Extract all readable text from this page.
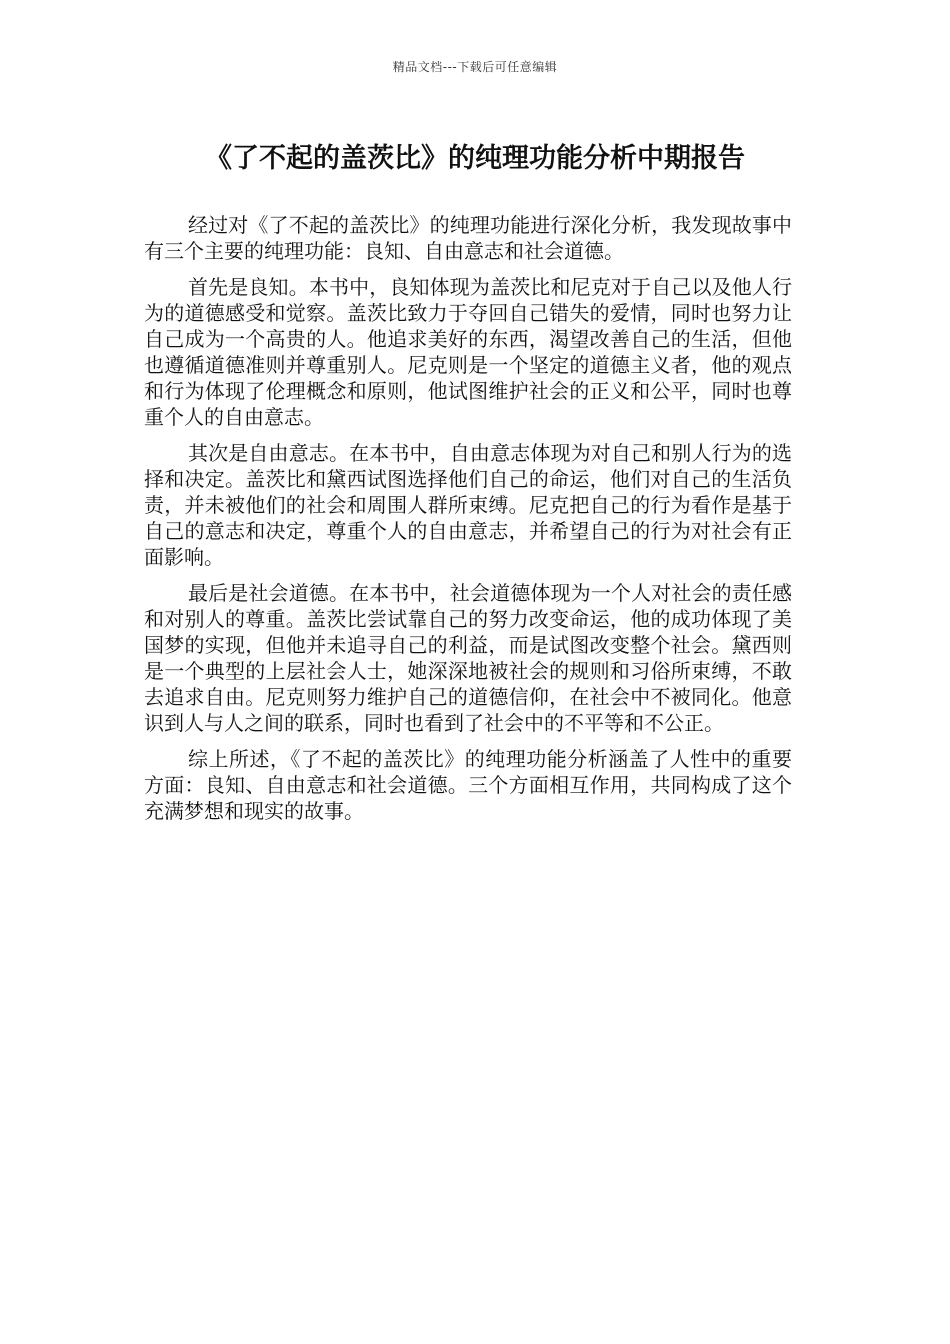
精品文档---下载后可任意编辑
《了不起的盖茨比》的纯理功能分析中期报告

经过对《了不起的盖茨比》的纯理功能进行深化分析，我发现故事中有三个主要的纯理功能：良知、自由意志和社会道德。

首先是良知。本书中，良知体现为盖茨比和尼克对于自己以及他人行为的道德感受和觉察。盖茨比致力于夺回自己错失的爱情，同时也努力让自己成为一个高贵的人。他追求美好的东西，渴望改善自己的生活，但他也遵循道德准则并尊重别人。尼克则是一个坚定的道德主义者，他的观点和行为体现了伦理概念和原则，他试图维护社会的正义和公平，同时也尊重个人的自由意志。

其次是自由意志。在本书中，自由意志体现为对自己和别人行为的选择和决定。盖茨比和黛西试图选择他们自己的命运，他们对自己的生活负责，并未被他们的社会和周围人群所束缚。尼克把自己的行为看作是基于自己的意志和决定，尊重个人的自由意志，并希望自己的行为对社会有正面影响。

最后是社会道德。在本书中，社会道德体现为一个人对社会的责任感和对别人的尊重。盖茨比尝试靠自己的努力改变命运，他的成功体现了美国梦的实现，但他并未追寻自己的利益，而是试图改变整个社会。黛西则是一个典型的上层社会人士，她深深地被社会的规则和习俗所束缚，不敢去追求自由。尼克则努力维护自己的道德信仰，在社会中不被同化。他意识到人与人之间的联系，同时也看到了社会中的不平等和不公正。

综上所述，《了不起的盖茨比》的纯理功能分析涵盖了人性中的重要方面：良知、自由意志和社会道德。三个方面相互作用，共同构成了这个充满梦想和现实的故事。
